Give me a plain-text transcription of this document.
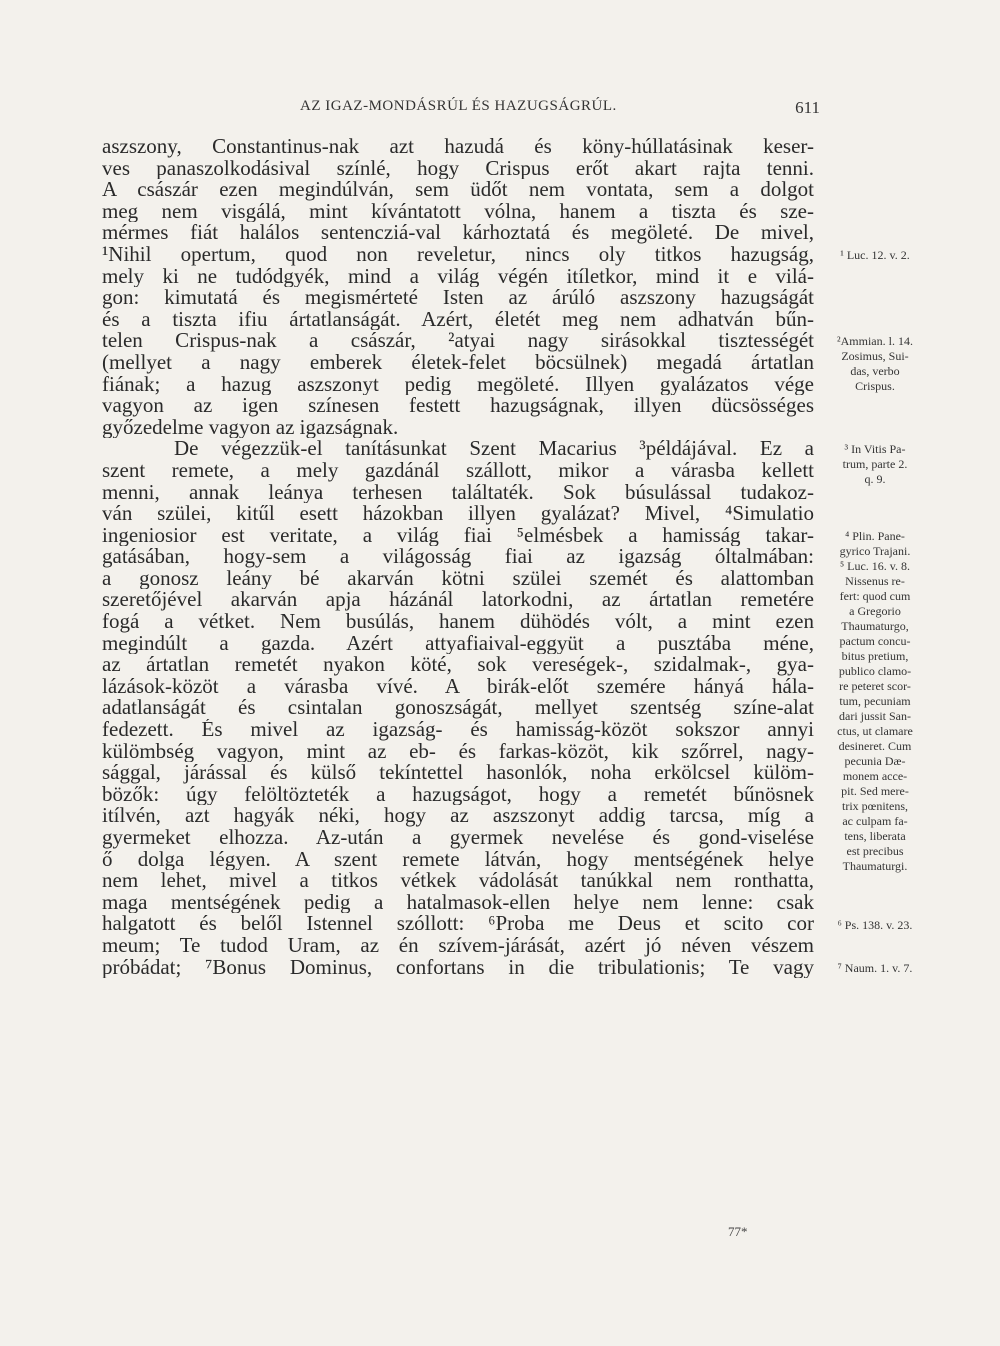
AZ IGAZ-MONDÁSRÚL ÉS HAZUGSÁGRÚL.	611
aszszony, Constantinus-nak azt hazudá és köny-húllatásinak keser-
ves panaszolkodásival színlé, hogy Crispus erőt akart rajta tenni.
A császár ezen megindúlván, sem üdőt nem vontata, sem a dolgot
meg nem visgálá, mint kívántatott vólna, hanem a tiszta és sze-
mérmes fiát halálos sentencziá-val kárhoztatá és megöleté. De mivel,
¹Nihil opertum, quod non reveletur, nincs oly titkos hazugság,
mely ki ne tudódgyék, mind a világ végén itíletkor, mind it e vilá-
gon: kimutatá és megismérteté Isten az árúló aszszony hazugságát
és a tiszta ifiu ártatlanságát. Azért, életét meg nem adhatván bűn-
telen Crispus-nak a császár, ²atyai nagy sirásokkal tisztességét
(mellyet a nagy emberek életek-felet böcsülnek) megadá ártatlan
fiának; a hazug aszszonyt pedig megöleté. Illyen gyalázatos vége
vagyon az igen színesen festett hazugságnak, illyen dücsösséges
győzedelme vagyon az igazságnak.
De végezzük-el tanításunkat Szent Macarius ³példájával. Ez a
szent remete, a mely gazdánál szállott, mikor a várasba kellett
menni, annak leánya terhesen találtaték. Sok búsulással tudakoz-
ván szülei, kitűl esett házokban illyen gyalázat? Mivel, ⁴Simulatio
ingeniosior est veritate, a világ fiai ⁵elmésbek a hamisság takar-
gatásában, hogy-sem a világosság fiai az igazság óltalmában:
a gonosz leány bé akarván kötni szülei szemét és alattomban
szeretőjével akarván apja házánál latorkodni, az ártatlan remetére
fogá a vétket. Nem busúlás, hanem dühödés vólt, a mint ezen
megindúlt a gazda. Azért attyafiaival-eggyüt a pusztába méne,
az ártatlan remetét nyakon köté, sok vereségek-, szidalmak-, gya-
lázások-közöt a várasba vívé. A birák-előt szemére hányá hála-
adatlanságát és csintalan gonoszságát, mellyet szentség színe-alat
fedezett. És mivel az igazság- és hamisság-közöt sokszor annyi
külömbség vagyon, mint az eb- és farkas-közöt, kik szőrrel, nagy-
sággal, járással és külső tekíntettel hasonlók, noha erkölcsel külöm-
bözők: úgy felöltözteték a hazugságot, hogy a remetét bűnösnek
itílvén, azt hagyák néki, hogy az aszszonyt addig tarcsa, míg a
gyermeket elhozza. Az-után a gyermek nevelése és gond-viselése
ő dolga légyen. A szent remete látván, hogy mentségének helye
nem lehet, mivel a titkos vétkek vádolását tanúkkal nem ronthatta,
maga mentségének pedig a hatalmasok-ellen helye nem lenne: csak
halgatott és belől Istennel szóllott: ⁶Proba me Deus et scito cor
meum; Te tudod Uram, az én szívem-járását, azért jó néven vészem
próbádat; ⁷Bonus Dominus, confortans in die tribulationis; Te vagy
¹ Luc. 12. v. 2.
²Ammian. l. 14.
Zosimus, Sui-
das, verbo
Crispus.
³ In Vitis Pa-
trum, parte 2.
q. 9.
⁴ Plin. Pane-
gyrico Trajani.
⁵ Luc. 16. v. 8.
Nissenus re-
fert: quod cum
a Gregorio
Thaumaturgo,
pactum concu-
bitus pretium,
publico clamo-
re peteret scor-
tum, pecuniam
dari jussit San-
ctus, ut clamare
desineret. Cum
pecunia Dæ-
monem acce-
pit. Sed mere-
trix pœnitens,
ac culpam fa-
tens, liberata
est precibus
Thaumaturgi.
⁶ Ps. 138. v. 23.
⁷ Naum. 1. v. 7.
77*
